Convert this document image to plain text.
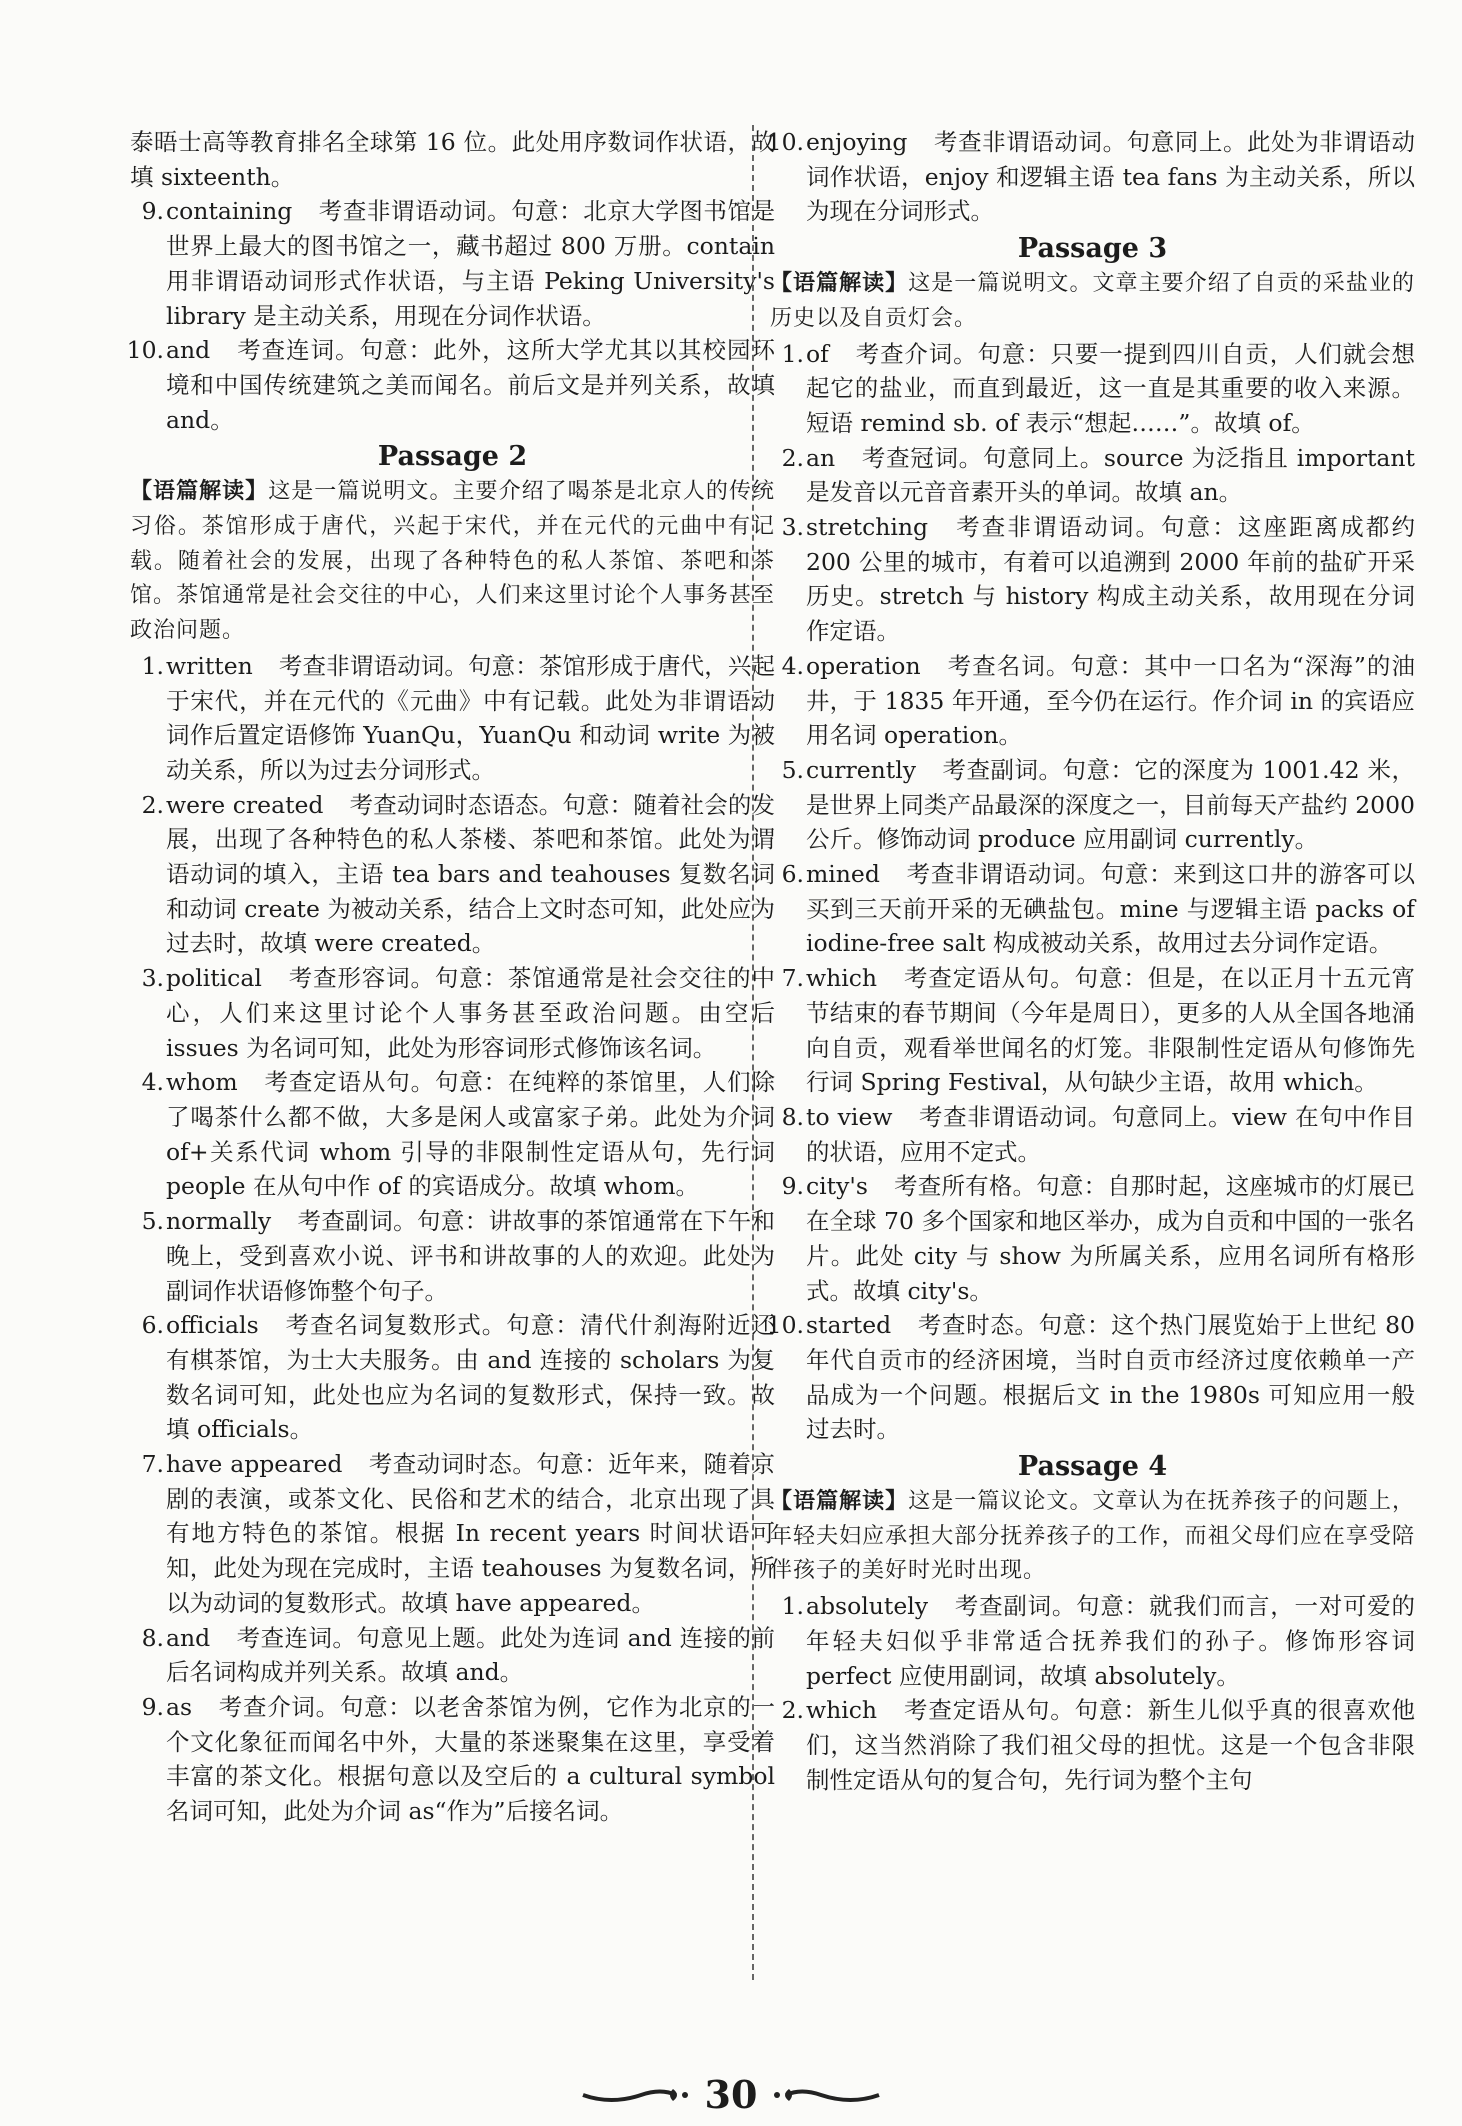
泰晤士高等教育排名全球第 16 位。此处用序数词作状语，故填 sixteenth。

9. containing 考查非谓语动词。句意：北京大学图书馆是世界上最大的图书馆之一，藏书超过 800 万册。contain 用非谓语动词形式作状语，与主语 Peking University's library 是主动关系，用现在分词作状语。

10. and 考查连词。句意：此外，这所大学尤其以其校园环境和中国传统建筑之美而闻名。前后文是并列关系，故填 and。

Passage 2

【语篇解读】这是一篇说明文。主要介绍了喝茶是北京人的传统习俗。茶馆形成于唐代，兴起于宋代，并在元代的元曲中有记载。随着社会的发展，出现了各种特色的私人茶馆、茶吧和茶馆。茶馆通常是社会交往的中心，人们来这里讨论个人事务甚至政治问题。

1. written 考查非谓语动词。句意：茶馆形成于唐代，兴起于宋代，并在元代的《元曲》中有记载。此处为非谓语动词作后置定语修饰 YuanQu，YuanQu 和动词 write 为被动关系，所以为过去分词形式。

2. were created 考查动词时态语态。句意：随着社会的发展，出现了各种特色的私人茶楼、茶吧和茶馆。此处为谓语动词的填入，主语 tea bars and teahouses 复数名词和动词 create 为被动关系，结合上文时态可知，此处应为过去时，故填 were created。

3. political 考查形容词。句意：茶馆通常是社会交往的中心，人们来这里讨论个人事务甚至政治问题。由空后 issues 为名词可知，此处为形容词形式修饰该名词。

4. whom 考查定语从句。句意：在纯粹的茶馆里，人们除了喝茶什么都不做，大多是闲人或富家子弟。此处为介词 of+关系代词 whom 引导的非限制性定语从句，先行词 people 在从句中作 of 的宾语成分。故填 whom。

5. normally 考查副词。句意：讲故事的茶馆通常在下午和晚上，受到喜欢小说、评书和讲故事的人的欢迎。此处为副词作状语修饰整个句子。

6. officials 考查名词复数形式。句意：清代什刹海附近还有棋茶馆，为士大夫服务。由 and 连接的 scholars 为复数名词可知，此处也应为名词的复数形式，保持一致。故填 officials。

7. have appeared 考查动词时态。句意：近年来，随着京剧的表演，或茶文化、民俗和艺术的结合，北京出现了具有地方特色的茶馆。根据 In recent years 时间状语可知，此处为现在完成时，主语 teahouses 为复数名词，所以为动词的复数形式。故填 have appeared。

8. and 考查连词。句意见上题。此处为连词 and 连接的前后名词构成并列关系。故填 and。

9. as 考查介词。句意：以老舍茶馆为例，它作为北京的一个文化象征而闻名中外，大量的茶迷聚集在这里，享受着丰富的茶文化。根据句意以及空后的 a cultural symbol 名词可知，此处为介词 as“作为”后接名词。

10. enjoying 考查非谓语动词。句意同上。此处为非谓语动词作状语，enjoy 和逻辑主语 tea fans 为主动关系，所以为现在分词形式。

Passage 3

【语篇解读】这是一篇说明文。文章主要介绍了自贡的采盐业的历史以及自贡灯会。

1. of 考查介词。句意：只要一提到四川自贡，人们就会想起它的盐业，而直到最近，这一直是其重要的收入来源。短语 remind sb. of 表示“想起……”。故填 of。

2. an 考查冠词。句意同上。source 为泛指且 important 是发音以元音音素开头的单词。故填 an。

3. stretching 考查非谓语动词。句意：这座距离成都约 200 公里的城市，有着可以追溯到 2000 年前的盐矿开采历史。stretch 与 history 构成主动关系，故用现在分词作定语。

4. operation 考查名词。句意：其中一口名为“深海”的油井，于 1835 年开通，至今仍在运行。作介词 in 的宾语应用名词 operation。

5. currently 考查副词。句意：它的深度为 1001.42 米，是世界上同类产品最深的深度之一，目前每天产盐约 2000 公斤。修饰动词 produce 应用副词 currently。

6. mined 考查非谓语动词。句意：来到这口井的游客可以买到三天前开采的无碘盐包。mine 与逻辑主语 packs of iodine-free salt 构成被动关系，故用过去分词作定语。

7. which 考查定语从句。句意：但是，在以正月十五元宵节结束的春节期间（今年是周日），更多的人从全国各地涌向自贡，观看举世闻名的灯笼。非限制性定语从句修饰先行词 Spring Festival，从句缺少主语，故用 which。

8. to view 考查非谓语动词。句意同上。view 在句中作目的状语，应用不定式。

9. city's 考查所有格。句意：自那时起，这座城市的灯展已在全球 70 多个国家和地区举办，成为自贡和中国的一张名片。此处 city 与 show 为所属关系，应用名词所有格形式。故填 city's。

10. started 考查时态。句意：这个热门展览始于上世纪 80 年代自贡市的经济困境，当时自贡市经济过度依赖单一产品成为一个问题。根据后文 in the 1980s 可知应用一般过去时。

Passage 4

【语篇解读】这是一篇议论文。文章认为在抚养孩子的问题上，年轻夫妇应承担大部分抚养孩子的工作，而祖父母们应在享受陪伴孩子的美好时光时出现。

1. absolutely 考查副词。句意：就我们而言，一对可爱的年轻夫妇似乎非常适合抚养我们的孙子。修饰形容词 perfect 应使用副词，故填 absolutely。

2. which 考查定语从句。句意：新生儿似乎真的很喜欢他们，这当然消除了我们祖父母的担忧。这是一个包含非限制性定语从句的复合句，先行词为整个主句

30
